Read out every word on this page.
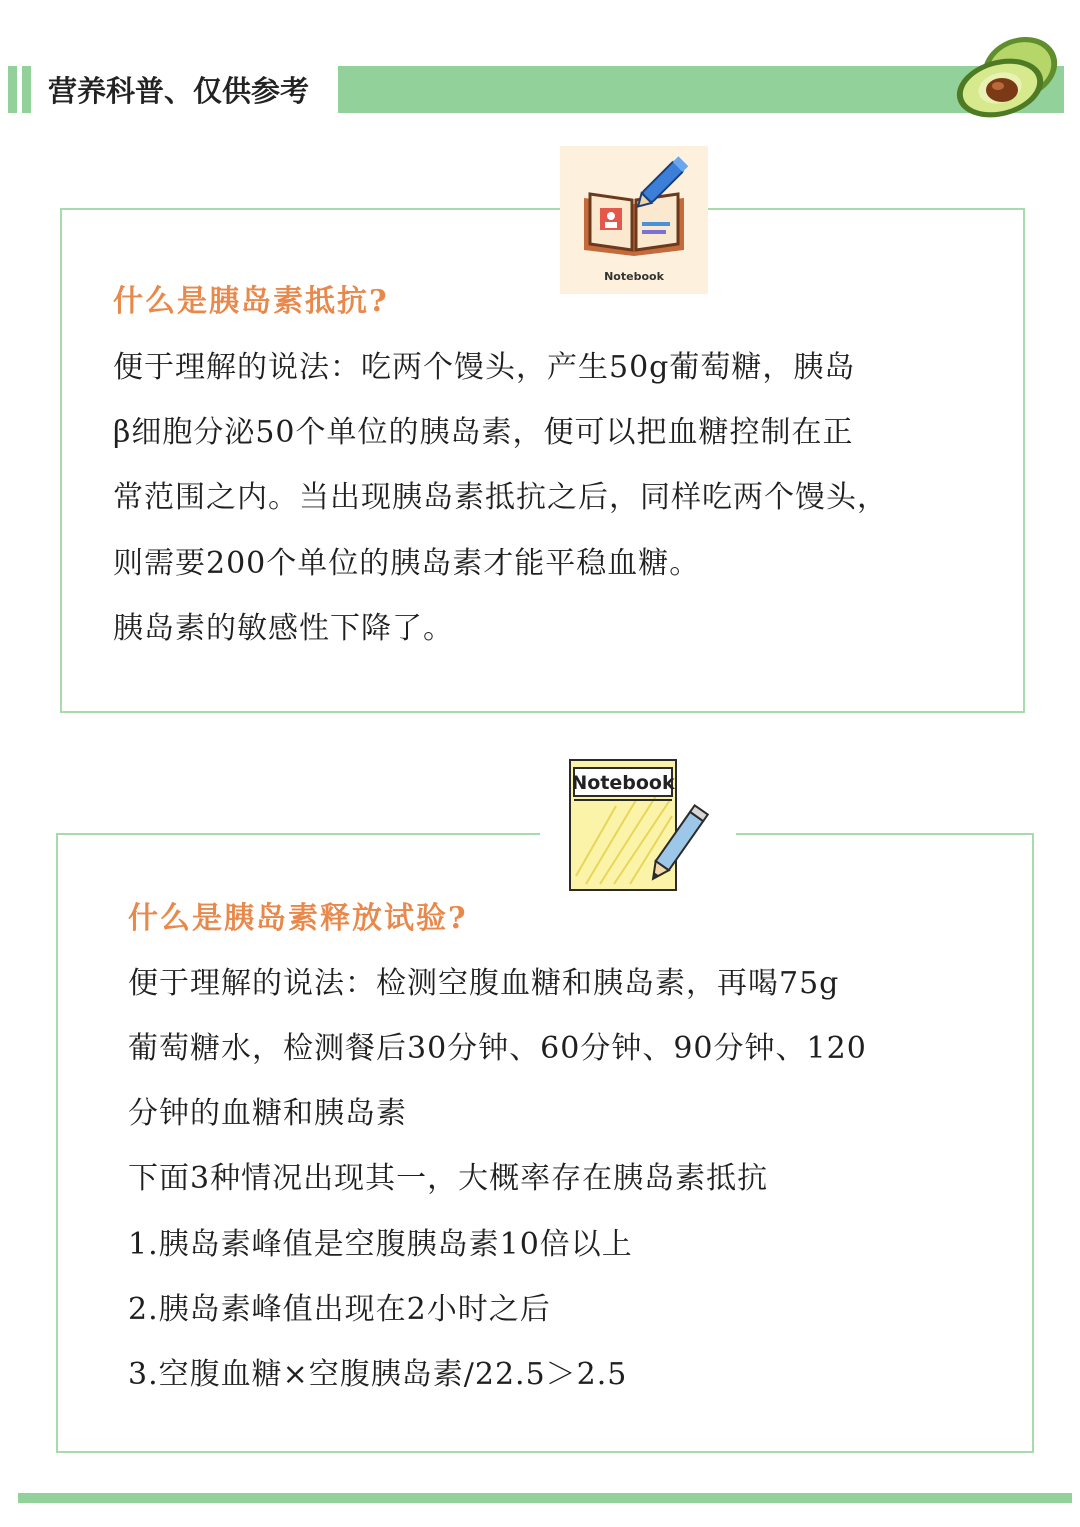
营养科普、仅供参考
Notebook
什么是胰岛素抵抗?
便于理解的说法：吃两个馒头，产生50g葡萄糖，胰岛
β细胞分泌50个单位的胰岛素，便可以把血糖控制在正
常范围之内。当出现胰岛素抵抗之后，同样吃两个馒头，
则需要200个单位的胰岛素才能平稳血糖。
胰岛素的敏感性下降了。
Notebook
什么是胰岛素释放试验?
便于理解的说法：检测空腹血糖和胰岛素，再喝75g
葡萄糖水，检测餐后30分钟、60分钟、90分钟、120
分钟的血糖和胰岛素
下面3种情况出现其一，大概率存在胰岛素抵抗
1.胰岛素峰值是空腹胰岛素10倍以上
2.胰岛素峰值出现在2小时之后
3.空腹血糖×空腹胰岛素/22.5＞2.5
